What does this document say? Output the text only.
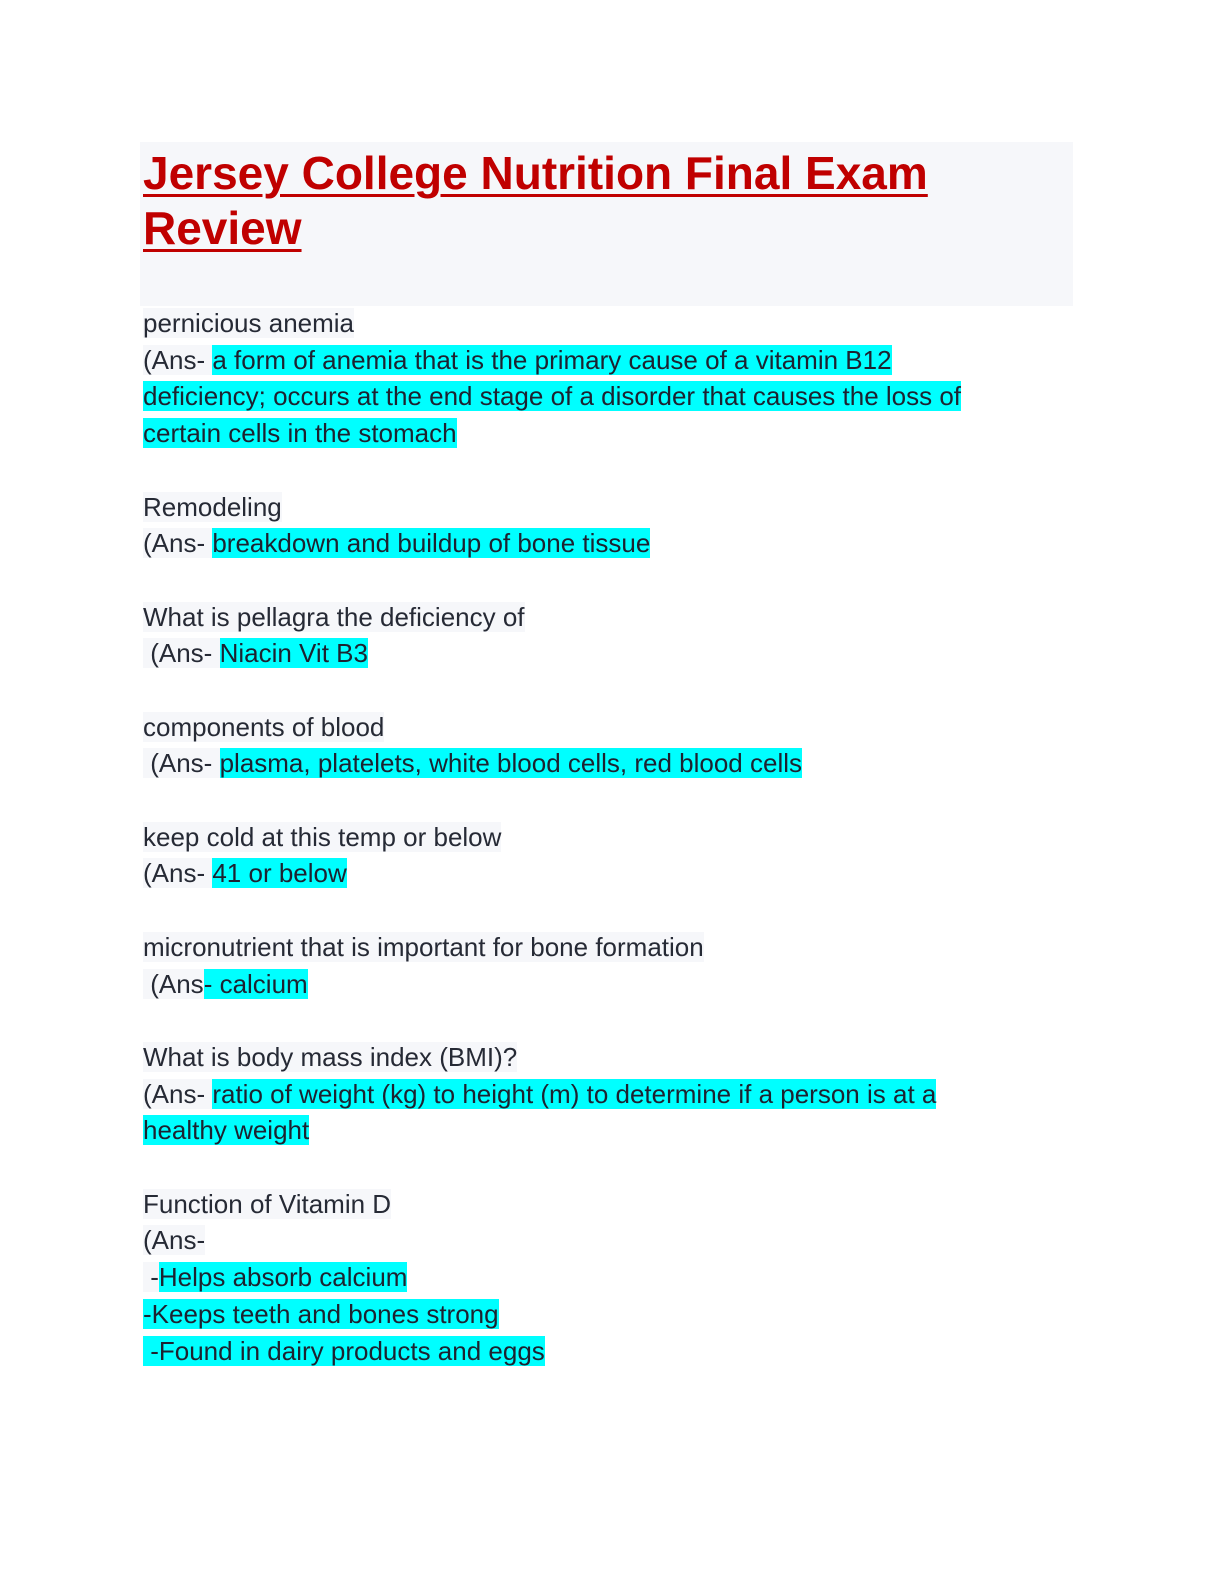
Jersey College Nutrition Final Exam Review
pernicious anemia
(Ans- a form of anemia that is the primary cause of a vitamin B12
deficiency; occurs at the end stage of a disorder that causes the loss of
certain cells in the stomach
Remodeling
(Ans- breakdown and buildup of bone tissue
What is pellagra the deficiency of
(Ans- Niacin Vit B3
components of blood
(Ans- plasma, platelets, white blood cells, red blood cells
keep cold at this temp or below
(Ans- 41 or below
micronutrient that is important for bone formation
(Ans- calcium
What is body mass index (BMI)?
(Ans- ratio of weight (kg) to height (m) to determine if a person is at a
healthy weight
Function of Vitamin D
(Ans-
-Helps absorb calcium
-Keeps teeth and bones strong
-Found in dairy products and eggs
